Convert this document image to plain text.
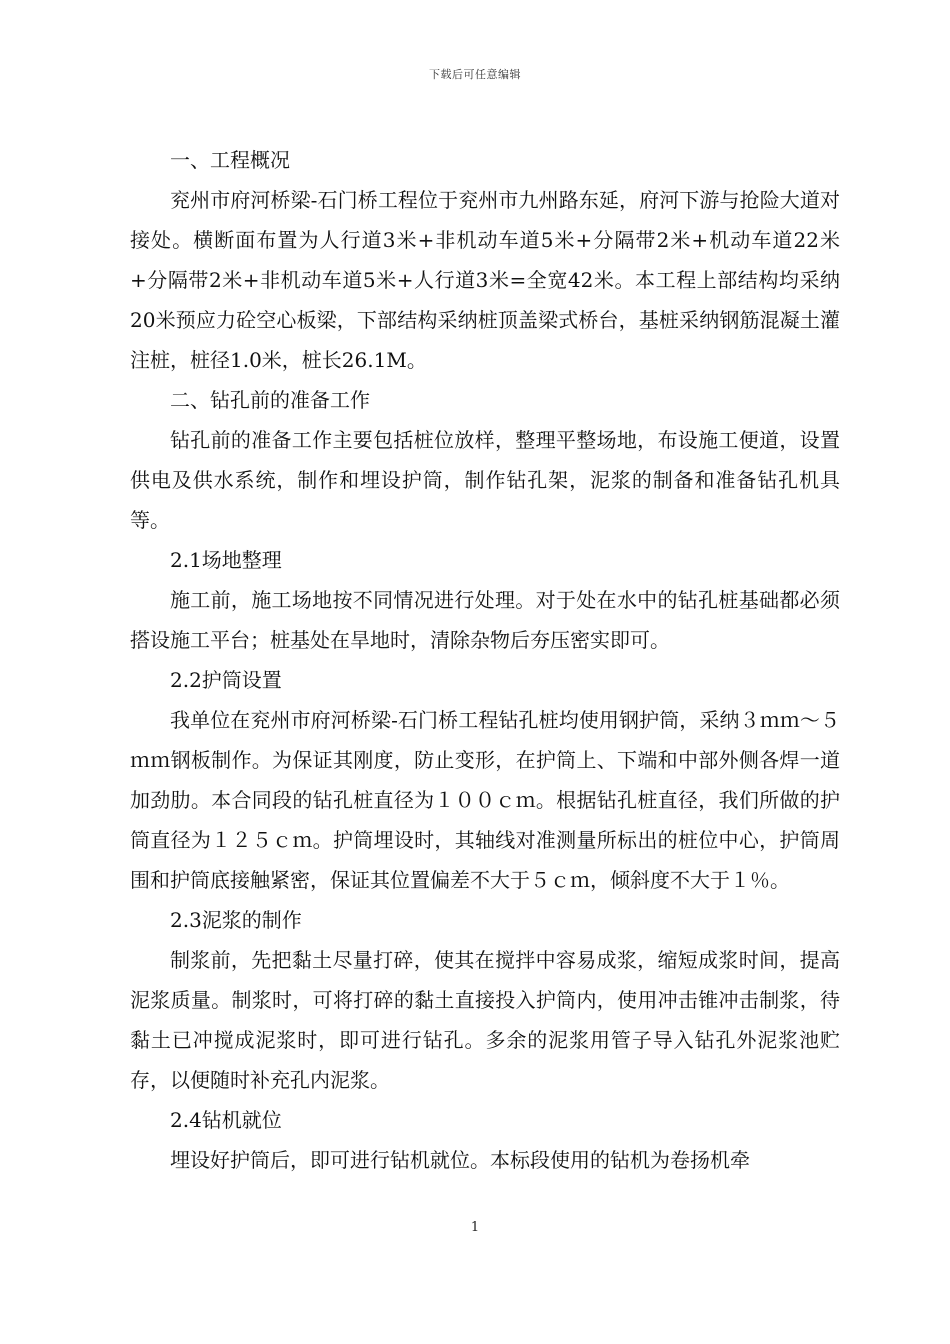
下载后可任意编辑

一、工程概况

兖州市府河桥梁-石门桥工程位于兖州市九州路东延，府河下游与抢险大道对接处。横断面布置为人行道3米+非机动车道5米+分隔带2米+机动车道22米+分隔带2米+非机动车道5米+人行道3米=全宽42米。本工程上部结构均采纳20米预应力砼空心板梁，下部结构采纳桩顶盖梁式桥台，基桩采纳钢筋混凝土灌注桩，桩径1.0米，桩长26.1M。

二、钻孔前的准备工作

钻孔前的准备工作主要包括桩位放样，整理平整场地，布设施工便道，设置供电及供水系统，制作和埋设护筒，制作钻孔架，泥浆的制备和准备钻孔机具等。

2.1场地整理

施工前，施工场地按不同情况进行处理。对于处在水中的钻孔桩基础都必须搭设施工平台；桩基处在旱地时，清除杂物后夯压密实即可。

2.2护筒设置

我单位在兖州市府河桥梁-石门桥工程钻孔桩均使用钢护筒，采纳３ｍｍ～５ｍｍ钢板制作。为保证其刚度，防止变形，在护筒上、下端和中部外侧各焊一道加劲肋。本合同段的钻孔桩直径为１００ｃｍ。根据钻孔桩直径，我们所做的护筒直径为１２５ｃｍ。护筒埋设时，其轴线对准测量所标出的桩位中心，护筒周围和护筒底接触紧密，保证其位置偏差不大于５ｃｍ，倾斜度不大于１％。

2.3泥浆的制作

制浆前，先把黏土尽量打碎，使其在搅拌中容易成浆，缩短成浆时间，提高泥浆质量。制浆时，可将打碎的黏土直接投入护筒内，使用冲击锥冲击制浆，待黏土已冲搅成泥浆时，即可进行钻孔。多余的泥浆用管子导入钻孔外泥浆池贮存，以便随时补充孔内泥浆。

2.4钻机就位

埋设好护筒后，即可进行钻机就位。本标段使用的钻机为卷扬机牵

1
